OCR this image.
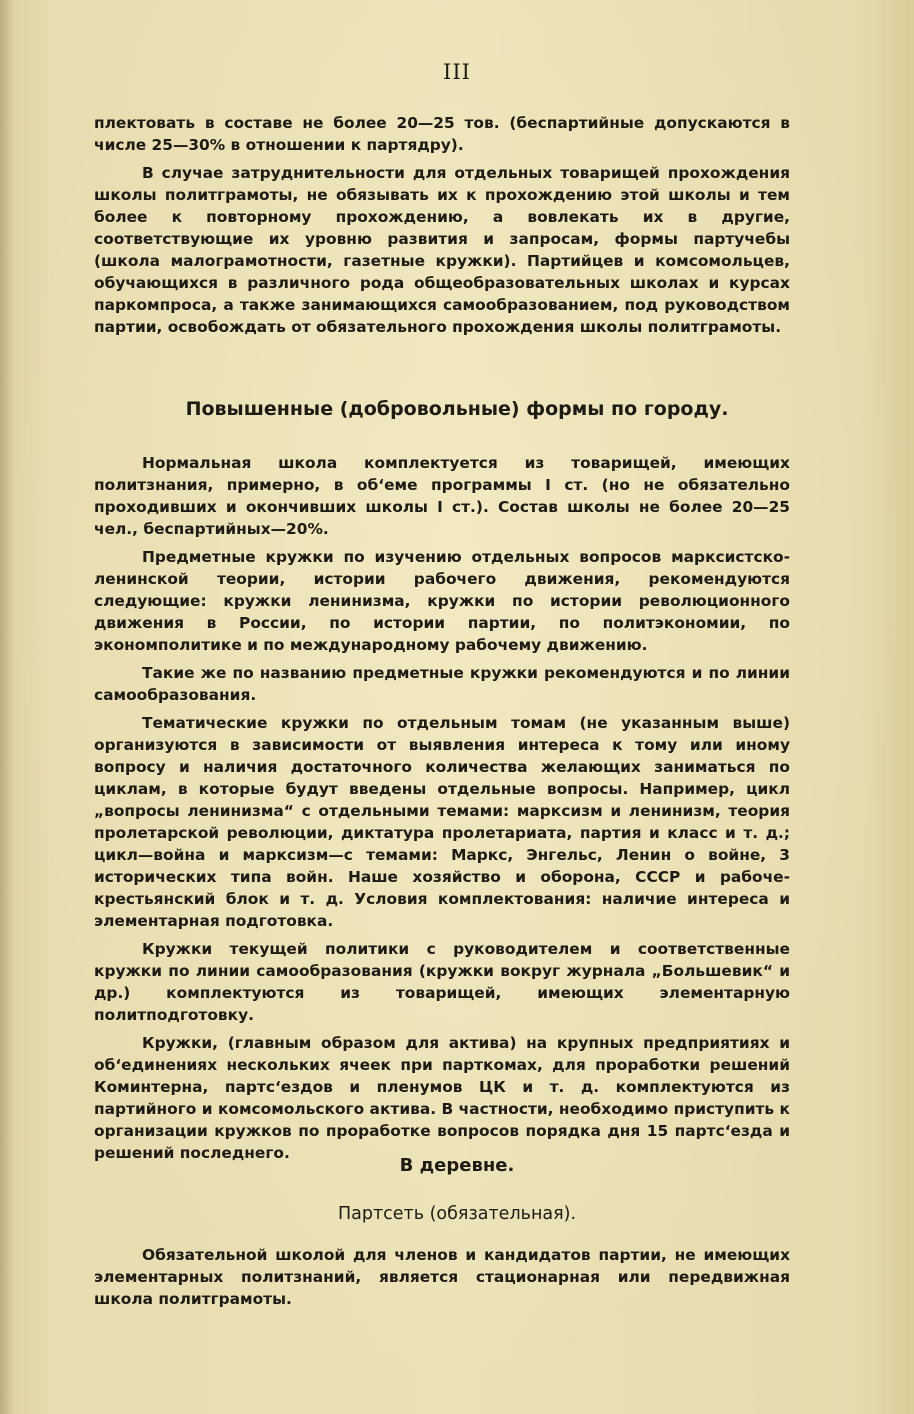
III

плектовать в составе не более 20—25 тов. (беспартийные допускаются в числе 25—30% в отношении к партядру).

В случае затруднительности для отдельных товарищей прохождения школы политграмоты, не обязывать их к прохождению этой школы и тем более к повторному прохождению, а вовлекать их в другие, соответствующие их уровню развития и запросам, формы партучебы (школа малограмотности, газетные кружки). Партийцев и комсомольцев, обучающихся в различного рода общеобразовательных школах и курсах паркомпроса, а также занимающихся самообразованием, под руководством партии, освобождать от обязательного прохождения школы политграмоты.

Повышенные (добровольные) формы по городу.

Нормальная школа комплектуется из товарищей, имеющих политзнания, примерно, в об‘еме программы I ст. (но не обязательно проходивших и окончивших школы I ст.). Состав школы не более 20—25 чел., беспартийных—20%.

Предметные кружки по изучению отдельных вопросов марксистско-ленинской теории, истории рабочего движения, рекомендуются следующие: кружки ленинизма, кружки по истории революционного движения в России, по истории партии, по политэкономии, по экономполитике и по международному рабочему движению.

Такие же по названию предметные кружки рекомендуются и по линии самообразования.

Тематические кружки по отдельным томам (не указанным выше) организуются в зависимости от выявления интереса к тому или иному вопросу и наличия достаточного количества желающих заниматься по циклам, в которые будут введены отдельные вопросы. Например, цикл „вопросы ленинизма“ с отдельными темами: марксизм и ленинизм, теория пролетарской революции, диктатура пролетариата, партия и класс и т. д.; цикл—война и марксизм—с темами: Маркс, Энгельс, Ленин о войне, 3 исторических типа войн. Наше хозяйство и оборона, СССР и рабоче-крестьянский блок и т. д. Условия комплектования: наличие интереса и элементарная подготовка.

Кружки текущей политики с руководителем и соответственные кружки по линии самообразования (кружки вокруг журнала „Большевик“ и др.) комплектуются из товарищей, имеющих элементарную политподготовку.

Кружки, (главным образом для актива) на крупных предприятиях и об‘единениях нескольких ячеек при парткомах, для проработки решений Коминтерна, партс‘ездов и пленумов ЦК и т. д. комплектуются из партийного и комсомольского актива. В частности, необходимо приступить к организации кружков по проработке вопросов порядка дня 15 партс‘езда и решений последнего.

В деревне.
Партсеть (обязательная).

Обязательной школой для членов и кандидатов партии, не имеющих элементарных политзнаний, является стационарная или передвижная школа политграмоты.
